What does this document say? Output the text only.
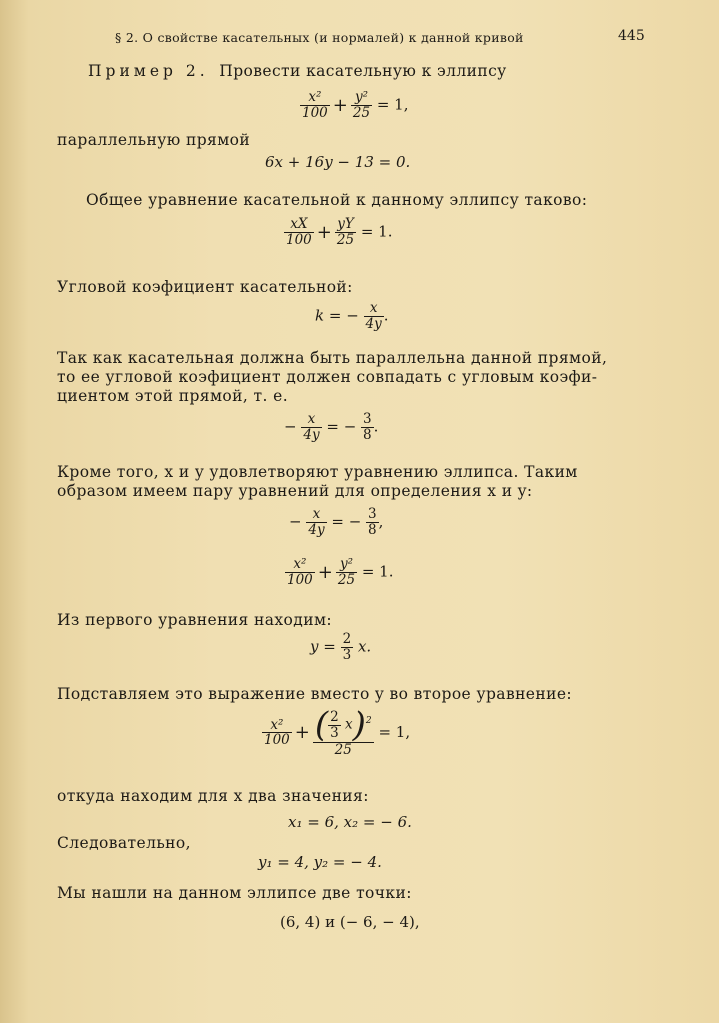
§ 2. О свойстве касательных (и нормалей) к данной кривой	445
Пример 2. Провести касательную к эллипсу
$\frac{\text{x²}}{100} + \frac{\text{y²}}{25} = 1$,
параллельную прямой
6x + 16y − 13 = 0.
Общее уравнение касательной к данному эллипсу таково:
$\frac{xX}{100} + \frac{yY}{25} = 1$.
Угловой коэфициент касательной:
k = − $\frac{x}{4y}$ .
Так как касательная должна быть параллельна данной прямой,
то ее угловой коэфициент должен совпадать с угловым коэфи-
циентом этой прямой, т. е.
− $\frac{x}{4y}$ = − $\frac{3}{8}$ .
Кроме того, x и y удовлетворяют уравнению эллипса. Таким
образом имеем пару уравнений для определения x и y:
− $\frac{x}{4y}$ = − $\frac{3}{8}$ ,
$\frac{\text{x²}}{100} + \frac{\text{y²}}{25} = 1$.
Из первого уравнения находим:
$y = \frac{2}{3} x$.
Подставляем это выражение вместо y во второе уравнение:
$\frac{\text{x²}}{100} + \frac{( \frac{2}{3} x)^2}{25} = 1$,
откуда находим для x два значения:
x₁ = 6, x₂ = − 6.
Следовательно,
y₁ = 4, y₂ = − 4.
Мы нашли на данном эллипсе две точки:
(6, 4) и (− 6, − 4),
